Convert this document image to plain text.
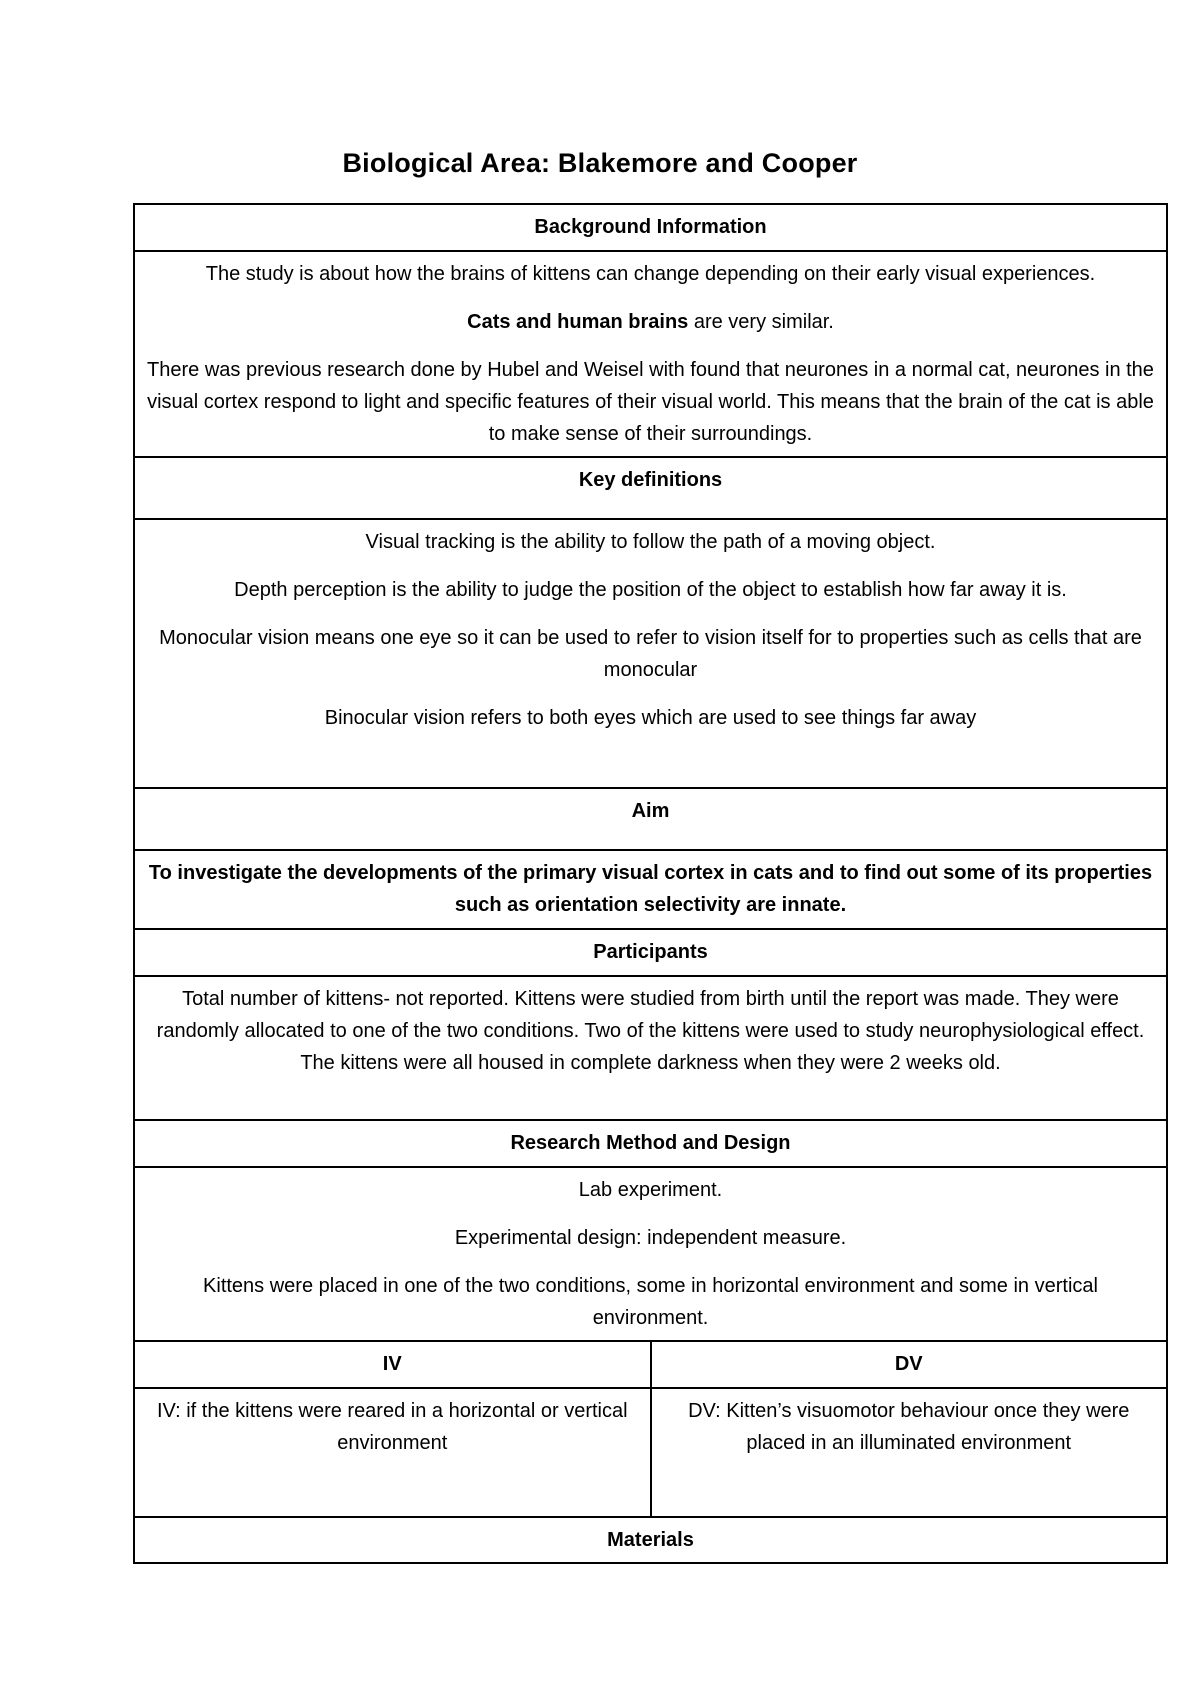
Biological Area: Blakemore and Cooper
Background Information	

The study is about how the brains of kittens can change depending on their early visual experiences.

Cats and human brains are very similar.

There was previous research done by Hubel and Weisel with found that neurones in a normal cat, neurones in the visual cortex respond to light and specific features of their visual world. This means that the brain of the cat is able to make sense of their surroundings.	

Key definitions	

Visual tracking is the ability to follow the path of a moving object.

Depth perception is the ability to judge the position of the object to establish how far away it is.

Monocular vision means one eye so it can be used to refer to vision itself for to properties such as cells that are monocular

Binocular vision refers to both eyes which are used to see things far away	

Aim	
To investigate the developments of the primary visual cortex in cats and to find out some of its properties such as orientation selectivity are innate.	
Participants	
Total number of kittens- not reported. Kittens were studied from birth until the report was made. They were randomly allocated to one of the two conditions. Two of the kittens were used to study neurophysiological effect. The kittens were all housed in complete darkness when they were 2 weeks old.	
Research Method and Design	

Lab experiment.

Experimental design: independent measure.

Kittens were placed in one of the two conditions, some in horizontal environment and some in vertical environment.	

IV	DV
IV: if the kittens were reared in a horizontal or vertical environment	DV: Kitten’s visuomotor behaviour once they were placed in an illuminated environment
Materials	
